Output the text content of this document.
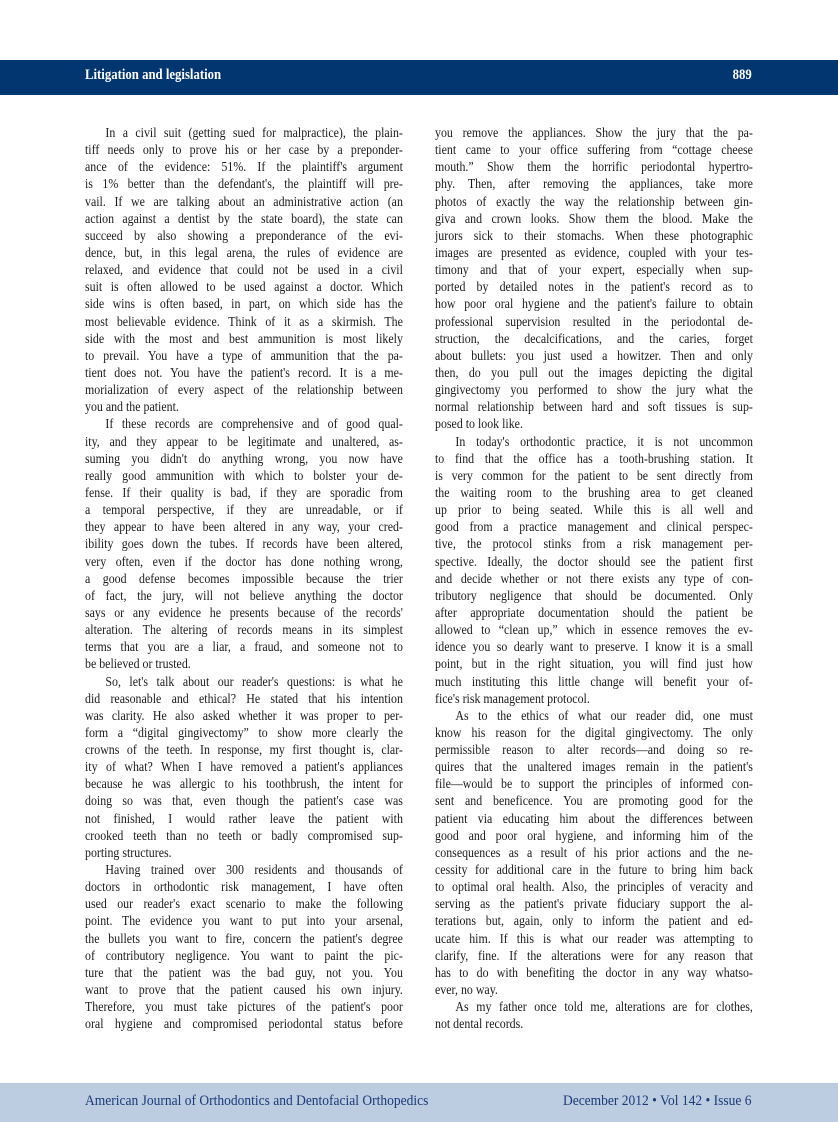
Litigation and legislation	889
In a civil suit (getting sued for malpractice), the plain-
tiff needs only to prove his or her case by a preponder-
ance of the evidence: 51%. If the plaintiff's argument
is 1% better than the defendant's, the plaintiff will pre-
vail. If we are talking about an administrative action (an
action against a dentist by the state board), the state can
succeed by also showing a preponderance of the evi-
dence, but, in this legal arena, the rules of evidence are
relaxed, and evidence that could not be used in a civil
suit is often allowed to be used against a doctor. Which
side wins is often based, in part, on which side has the
most believable evidence. Think of it as a skirmish. The
side with the most and best ammunition is most likely
to prevail. You have a type of ammunition that the pa-
tient does not. You have the patient's record. It is a me-
morialization of every aspect of the relationship between
you and the patient.
If these records are comprehensive and of good qual-
ity, and they appear to be legitimate and unaltered, as-
suming you didn't do anything wrong, you now have
really good ammunition with which to bolster your de-
fense. If their quality is bad, if they are sporadic from
a temporal perspective, if they are unreadable, or if
they appear to have been altered in any way, your cred-
ibility goes down the tubes. If records have been altered,
very often, even if the doctor has done nothing wrong,
a good defense becomes impossible because the trier
of fact, the jury, will not believe anything the doctor
says or any evidence he presents because of the records'
alteration. The altering of records means in its simplest
terms that you are a liar, a fraud, and someone not to
be believed or trusted.
So, let's talk about our reader's questions: is what he
did reasonable and ethical? He stated that his intention
was clarity. He also asked whether it was proper to per-
form a “digital gingivectomy” to show more clearly the
crowns of the teeth. In response, my first thought is, clar-
ity of what? When I have removed a patient's appliances
because he was allergic to his toothbrush, the intent for
doing so was that, even though the patient's case was
not finished, I would rather leave the patient with
crooked teeth than no teeth or badly compromised sup-
porting structures.
Having trained over 300 residents and thousands of
doctors in orthodontic risk management, I have often
used our reader's exact scenario to make the following
point. The evidence you want to put into your arsenal,
the bullets you want to fire, concern the patient's degree
of contributory negligence. You want to paint the pic-
ture that the patient was the bad guy, not you. You
want to prove that the patient caused his own injury.
Therefore, you must take pictures of the patient's poor
oral hygiene and compromised periodontal status before
you remove the appliances. Show the jury that the pa-
tient came to your office suffering from “cottage cheese
mouth.” Show them the horrific periodontal hypertro-
phy. Then, after removing the appliances, take more
photos of exactly the way the relationship between gin-
giva and crown looks. Show them the blood. Make the
jurors sick to their stomachs. When these photographic
images are presented as evidence, coupled with your tes-
timony and that of your expert, especially when sup-
ported by detailed notes in the patient's record as to
how poor oral hygiene and the patient's failure to obtain
professional supervision resulted in the periodontal de-
struction, the decalcifications, and the caries, forget
about bullets: you just used a howitzer. Then and only
then, do you pull out the images depicting the digital
gingivectomy you performed to show the jury what the
normal relationship between hard and soft tissues is sup-
posed to look like.
In today's orthodontic practice, it is not uncommon
to find that the office has a tooth-brushing station. It
is very common for the patient to be sent directly from
the waiting room to the brushing area to get cleaned
up prior to being seated. While this is all well and
good from a practice management and clinical perspec-
tive, the protocol stinks from a risk management per-
spective. Ideally, the doctor should see the patient first
and decide whether or not there exists any type of con-
tributory negligence that should be documented. Only
after appropriate documentation should the patient be
allowed to “clean up,” which in essence removes the ev-
idence you so dearly want to preserve. I know it is a small
point, but in the right situation, you will find just how
much instituting this little change will benefit your of-
fice's risk management protocol.
As to the ethics of what our reader did, one must
know his reason for the digital gingivectomy. The only
permissible reason to alter records—and doing so re-
quires that the unaltered images remain in the patient's
file—would be to support the principles of informed con-
sent and beneficence. You are promoting good for the
patient via educating him about the differences between
good and poor oral hygiene, and informing him of the
consequences as a result of his prior actions and the ne-
cessity for additional care in the future to bring him back
to optimal oral health. Also, the principles of veracity and
serving as the patient's private fiduciary support the al-
terations but, again, only to inform the patient and ed-
ucate him. If this is what our reader was attempting to
clarify, fine. If the alterations were for any reason that
has to do with benefiting the doctor in any way whatso-
ever, no way.
As my father once told me, alterations are for clothes,
not dental records.
American Journal of Orthodontics and Dentofacial Orthopedics	December 2012 • Vol 142 • Issue 6
